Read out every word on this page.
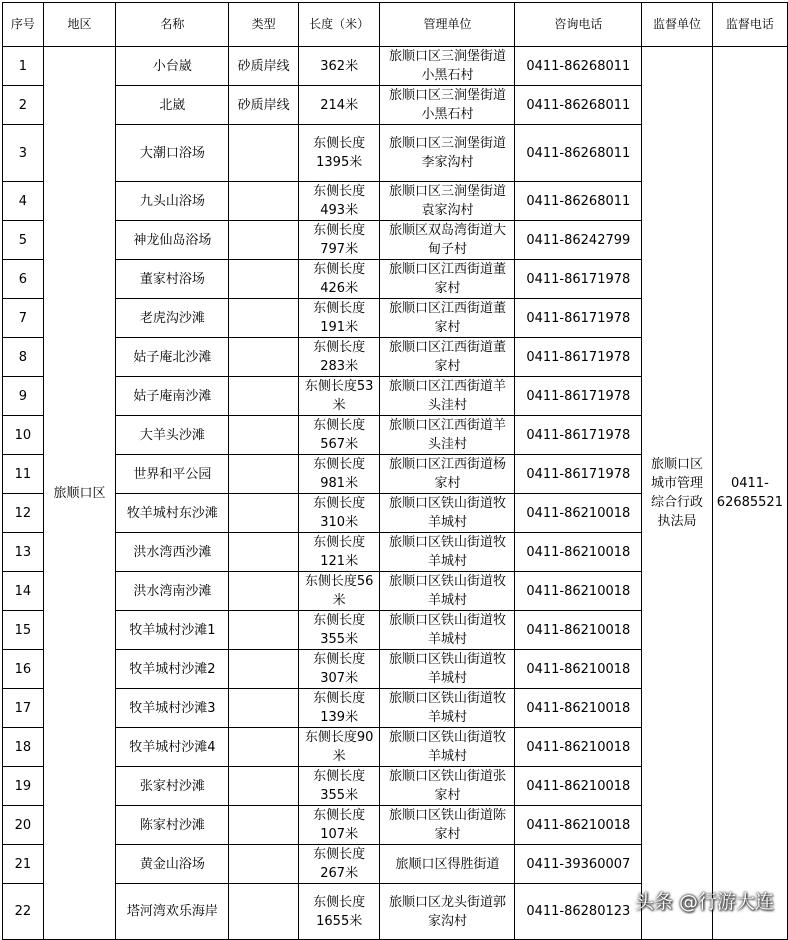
序号	地区	名称	类型	长度（米）	管理单位	咨询电话	监督单位	监督电话
1	旅顺口区	小台崴	砂质岸线	362米	旅顺口区三涧堡街道小黑石村	0411-86268011	旅顺口区城市管理综合行政执法局	0411-62685521
2		北崴	砂质岸线	214米	旅顺口区三涧堡街道小黑石村	0411-86268011		
3		大潮口浴场		东侧长度1395米	旅顺口区三涧堡街道李家沟村	0411-86268011		
4		九头山浴场		东侧长度493米	旅顺口区三涧堡街道袁家沟村	0411-86268011		
5		神龙仙岛浴场		东侧长度797米	旅顺区双岛湾街道大甸子村	0411-86242799		
6		董家村浴场		东侧长度426米	旅顺口区江西街道董家村	0411-86171978		
7		老虎沟沙滩		东侧长度191米	旅顺口区江西街道董家村	0411-86171978		
8		姑子庵北沙滩		东侧长度283米	旅顺口区江西街道董家村	0411-86171978		
9		姑子庵南沙滩		东侧长度53米	旅顺口区江西街道羊头洼村	0411-86171978		
10		大羊头沙滩		东侧长度567米	旅顺口区江西街道羊头洼村	0411-86171978		
11		世界和平公园		东侧长度981米	旅顺口区江西街道杨家村	0411-86171978		
12		牧羊城村东沙滩		东侧长度310米	旅顺口区铁山街道牧羊城村	0411-86210018		
13		洪水湾西沙滩		东侧长度121米	旅顺口区铁山街道牧羊城村	0411-86210018		
14		洪水湾南沙滩		东侧长度56米	旅顺口区铁山街道牧羊城村	0411-86210018		
15		牧羊城村沙滩1		东侧长度355米	旅顺口区铁山街道牧羊城村	0411-86210018		
16		牧羊城村沙滩2		东侧长度307米	旅顺口区铁山街道牧羊城村	0411-86210018		
17		牧羊城村沙滩3		东侧长度139米	旅顺口区铁山街道牧羊城村	0411-86210018		
18		牧羊城村沙滩4		东侧长度90米	旅顺口区铁山街道牧羊城村	0411-86210018		
19		张家村沙滩		东侧长度355米	旅顺口区铁山街道张家村	0411-86210018		
20		陈家村沙滩		东侧长度107米	旅顺口区铁山街道陈家村	0411-86210018		
21		黄金山浴场		东侧长度267米	旅顺口区得胜街道	0411-39360007		
22		塔河湾欢乐海岸		东侧长度1655米	旅顺口区龙头街道郭家沟村	0411-86280123		头条 @行游大连
